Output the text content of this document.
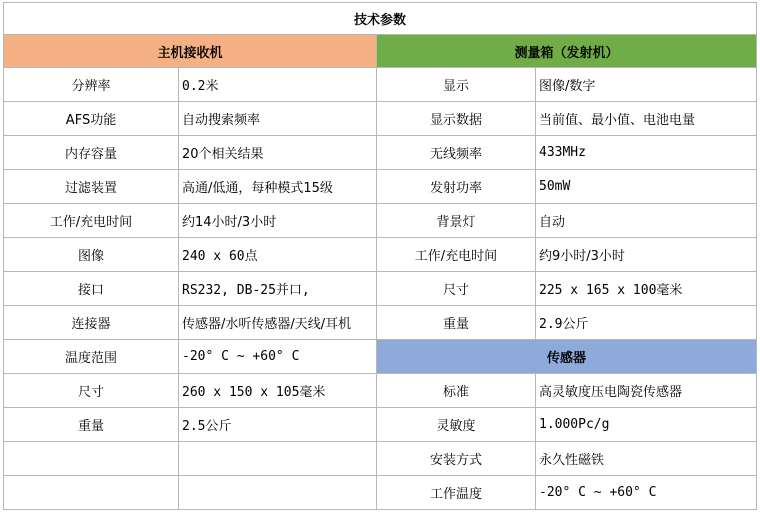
技术参数			
主机接收机		测量箱（发射机）	
分辨率	0.2米	显示	图像/数字
AFS功能	自动搜索频率	显示数据	当前值、最小值、电池电量
内存容量	20个相关结果	无线频率	433MHz
过滤装置	高通/低通，每种模式15级	发射功率	50mW
工作/充电时间	约14小时/3小时	背景灯	自动
图像	240 x 60点	工作/充电时间	约9小时/3小时
接口	RS232, DB-25并口,	尺寸	225 x 165 x 100毫米
连接器	传感器/水听传感器/天线/耳机	重量	2.9公斤
温度范围	-20° C ~ +60° C	传感器	
尺寸	260 x 150 x 105毫米	标准	高灵敏度压电陶瓷传感器
重量	2.5公斤	灵敏度	1.000Pc/g
		安装方式	永久性磁铁
		工作温度	-20° C ~ +60° C
